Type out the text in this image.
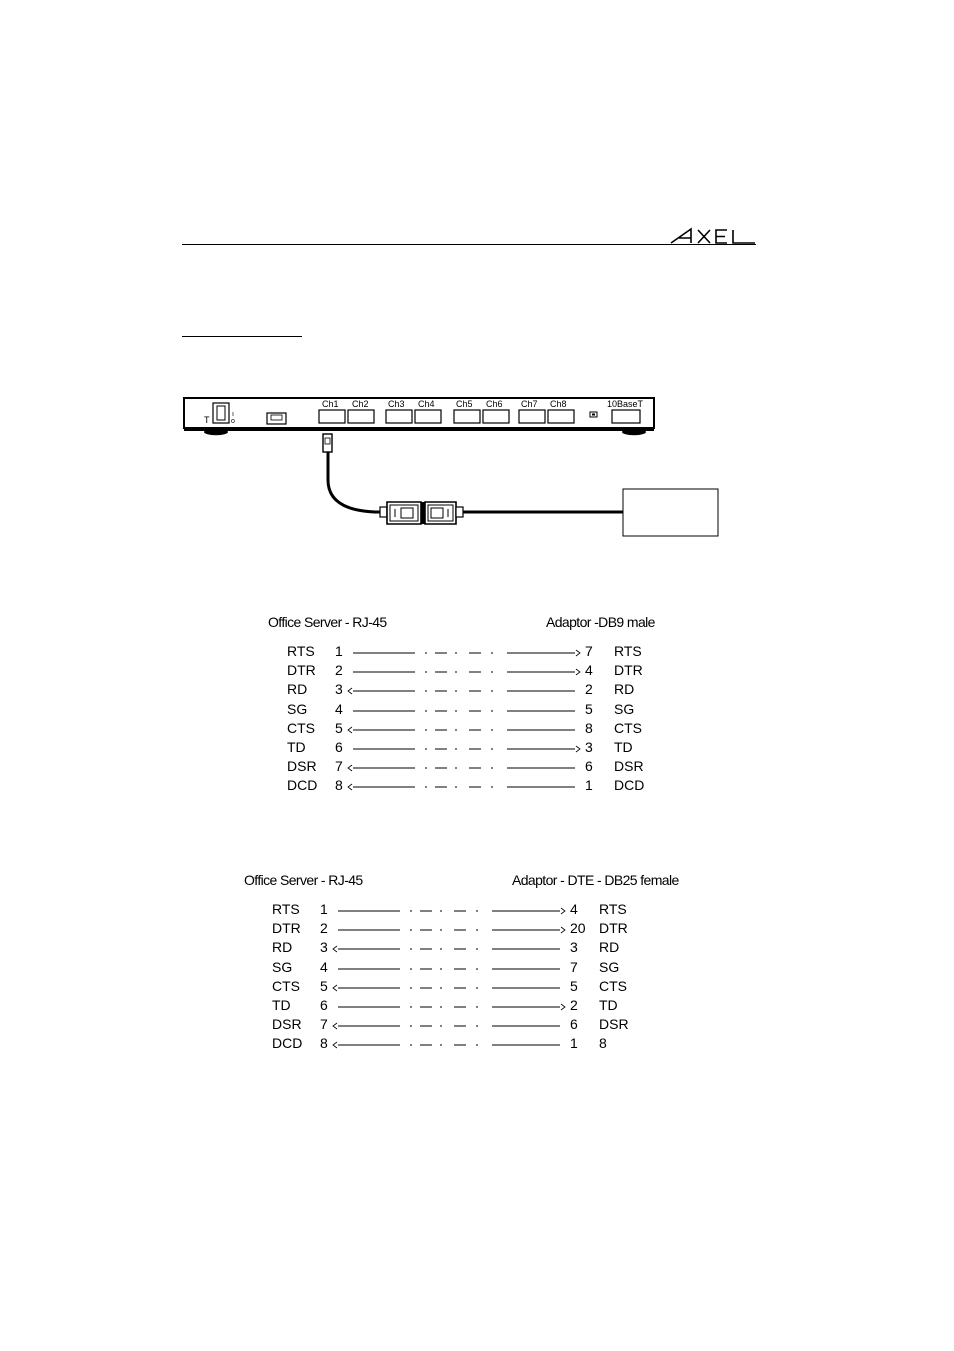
T	o
ı
Ch1 Ch2 Ch3 Ch4 Ch5 Ch6 Ch7 Ch8	10BaseT
Office Server - RJ-45	Adaptor -DB9 male
RTS 1	7 RTS
DTR 2	4 DTR
RD 3	2 RD
SG 4	5 SG
CTS 5	8 CTS
TD 6	3 TD
DSR 7	6 DSR
DCD 8	1 DCD
Office Server - RJ-45	Adaptor - DTE - DB25 female
RTS 1	4 RTS
DTR 2	20 DTR
RD 3	3 RD
SG 4	7 SG
CTS 5	5 CTS
TD 6	2 TD
DSR 7	6 DSR
DCD 8	1 8
